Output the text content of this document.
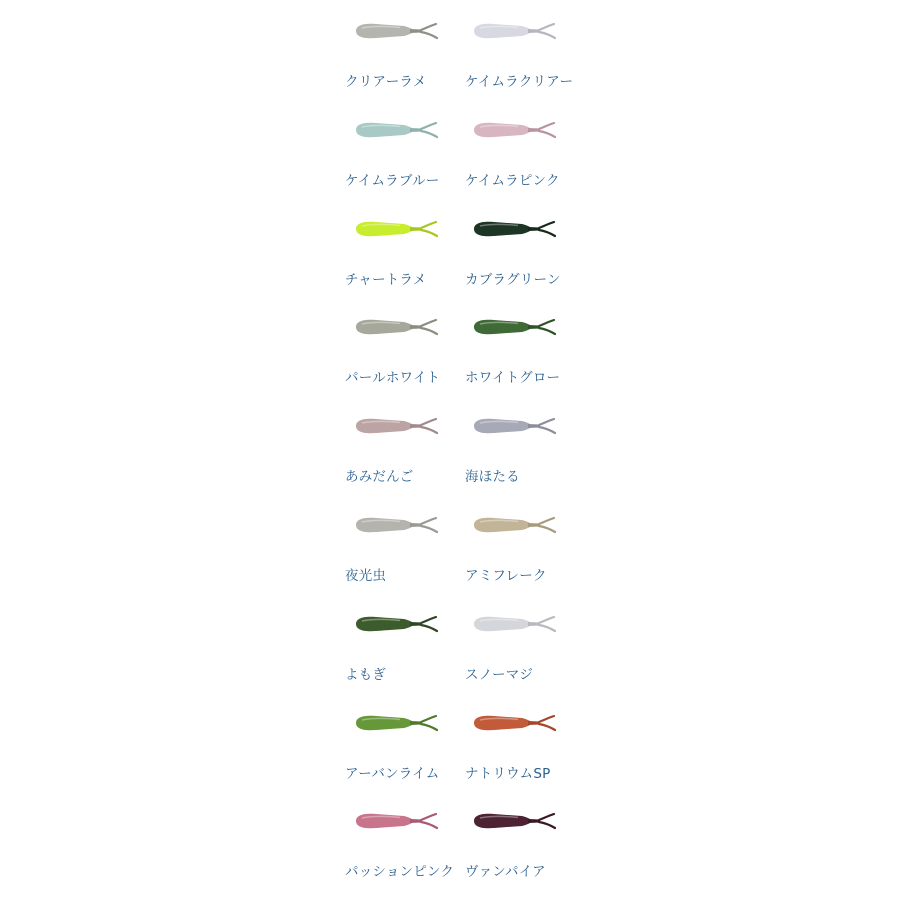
クリアーラメ	ケイムラクリアー
ケイムラブルー ケイムラピンク
チャートラメ	カブラグリーン
パールホワイト ホワイトグロー
あみだんご	海ほたる
夜光虫	アミフレーク
よもぎ	スノーマジ
アーバンライム ナトリウムSP
パッションピンク ヴァンパイア
